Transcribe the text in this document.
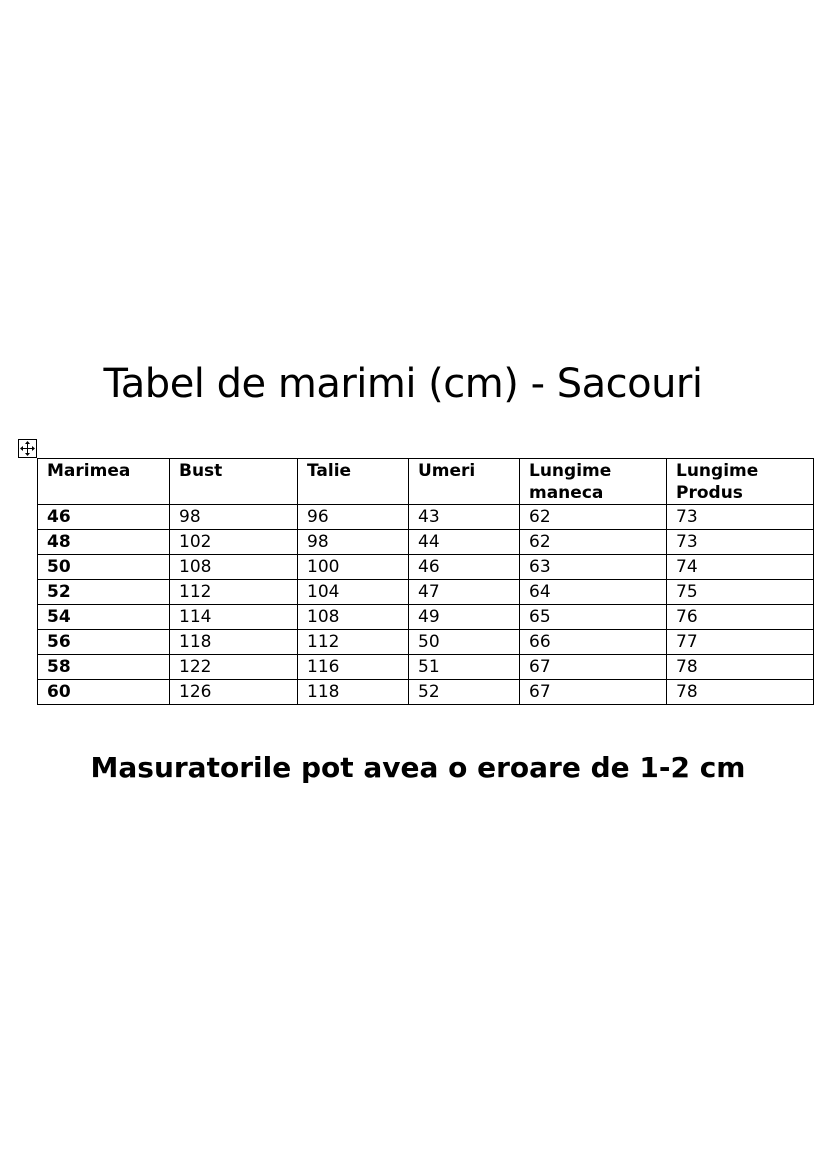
Tabel de marimi (cm) - Sacouri
Marimea	Bust	Talie	Umeri	Lungime maneca	Lungime Produs
46	98	96	43	62	73
48	102	98	44	62	73
50	108	100	46	63	74
52	112	104	47	64	75
54	114	108	49	65	76
56	118	112	50	66	77
58	122	116	51	67	78
60	126	118	52	67	78

Masuratorile pot avea o eroare de 1-2 cm
